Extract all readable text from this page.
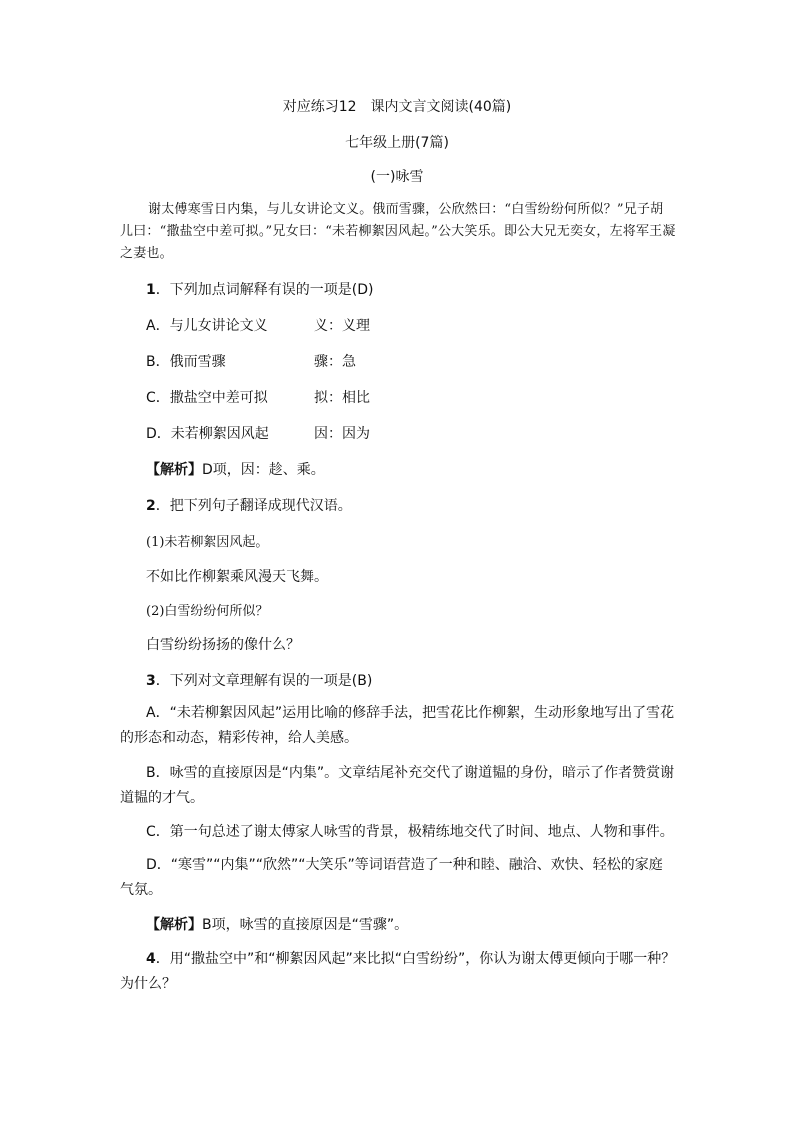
对应练习12　课内文言文阅读(40篇)
七年级上册(7篇)
(一)咏雪
谢太傅寒雪日内集，与儿女讲论文义。俄而雪骤，公欣然曰：“白雪纷纷何所似？”兄子胡儿曰：“撒盐空中差可拟。”兄女曰：“未若柳絮因风起。”公大笑乐。即公大兄无奕女，左将军王凝之妻也。
1．下列加点词解释有误的一项是(D)
A．与儿女讲论文义	义：义理
B．俄而雪骤	骤：急
C．撒盐空中差可拟	拟：相比
D．未若柳絮因风起	因：因为
【解析】D项，因：趁、乘。
2．把下列句子翻译成现代汉语。
(1)未若柳絮因风起。
不如比作柳絮乘风漫天飞舞。
(2)白雪纷纷何所似？
白雪纷纷扬扬的像什么？
3．下列对文章理解有误的一项是(B)
A．“未若柳絮因风起”运用比喻的修辞手法，把雪花比作柳絮，生动形象地写出了雪花的形态和动态，精彩传神，给人美感。
B．咏雪的直接原因是“内集”。文章结尾补充交代了谢道韫的身份，暗示了作者赞赏谢道韫的才气。
C．第一句总述了谢太傅家人咏雪的背景，极精练地交代了时间、地点、人物和事件。
D．“寒雪”“内集”“欣然”“大笑乐”等词语营造了一种和睦、融洽、欢快、轻松的家庭气氛。
【解析】B项，咏雪的直接原因是“雪骤”。
4．用“撒盐空中”和“柳絮因风起”来比拟“白雪纷纷”，你认为谢太傅更倾向于哪一种？为什么？
